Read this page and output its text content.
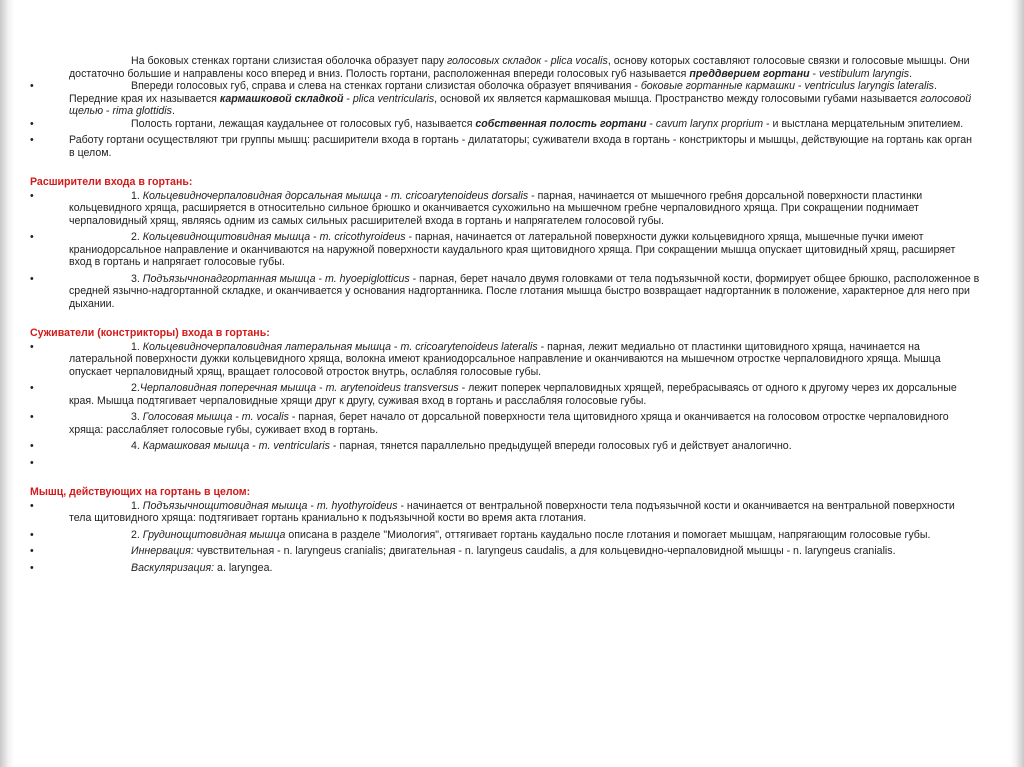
На боковых стенках гортани слизистая оболочка образует пару голосовых складок - plica vocalis, основу которых составляют голосовые связки и голосовые мышцы. Они достаточно большие и направлены косо вперед и вниз. Полость гортани, расположенная впереди голосовых губ называется преддверием гортани - vestibulum laryngis.
•	Впереди голосовых губ, справа и слева на стенках гортани слизистая оболочка образует впячивания - боковые гортанные кармашки - ventriculus laryngis lateralis. Передние края их называется кармашковой складкой - plica ventricularis, основой их является кармашковая мышца. Пространство между голосовыми губами называется голосовой щелью - rima glottidis.
•	Полость гортани, лежащая каудальнее от голосовых губ, называется собственная полость гортани - cavum larynx proprium - и выстлана мерцательным эпителием.
•	Работу гортани осуществляют три группы мышц: расширители входа в гортань - дилататоры; суживатели входа в гортань - констрикторы и мышцы, действующие на гортань как орган в целом.
Расширители входа в гортань:
•	1. Кольцевидночерпаловидная дорсальная мышца - m. cricoarytenoideus dorsalis - парная, начинается от мышечного гребня дорсальной поверхности пластинки кольцевидного хряща, расширяется в относительно сильное брюшко и оканчивается сухожильно на мышечном гребне черпаловидного хряща. При сокращении поднимает черпаловидный хрящ, являясь одним из самых сильных расширителей входа в гортань и напрягателем голосовой губы.
•	2. Кольцевиднощитовидная мышца - m. cricothyroideus - парная, начинается от латеральной поверхности дужки кольцевидного хряща, мышечные пучки имеют краниодорсальное направление и оканчиваются на наружной поверхности каудального края щитовидного хряща. При сокращении мышца опускает щитовидный хрящ, расширяет вход в гортань и напрягает голосовые губы.
•	3. Подъязычнонадгортанная мышца - m. hyoepiglotticus - парная, берет начало двумя головками от тела подъязычной кости, формирует общее брюшко, расположенное в средней язычно-надгортанной складке, и оканчивается у основания надгортанника. После глотания мышца быстро возвращает надгортанник в положение, характерное для него при дыхании.
Суживатели (констрикторы) входа в гортань:
•	1. Кольцевидночерпаловидная латеральная мышца - m. cricoarytenoideus lateralis - парная, лежит медиально от пластинки щитовидного хряща, начинается на латеральной поверхности дужки кольцевидного хряща, волокна имеют краниодорсальное направление и оканчиваются на мышечном отростке черпаловидного хряща. Мышца опускает черпаловидный хрящ, вращает голосовой отросток внутрь, ослабляя голосовые губы.
•	2.Черпаловидная поперечная мышца - m. arytenoideus transversus - лежит поперек черпаловидных хрящей, перебрасываясь от одного к другому через их дорсальные края. Мышца подтягивает черпаловидные хрящи друг к другу, суживая вход в гортань и расслабляя голосовые губы.
•	3. Голосовая мышца - m. vocalis - парная, берет начало от дорсальной поверхности тела щитовидного хряща и оканчивается на голосовом отростке черпаловидного хряща: расслабляет голосовые губы, суживает вход в гортань.
•	4. Кармашковая мышца - m. ventricularis - парная, тянется параллельно предыдущей впереди голосовых губ и действует аналогично.
•
Мышц, действующих на гортань в целом:
•	1. Подъязычнощитовидная мышца - m. hyothyroideus - начинается от вентральной поверхности тела подъязычной кости и оканчивается на вентральной поверхности тела щитовидного хряща: подтягивает гортань краниально к подъязычной кости во время акта глотания.
•	2. Грудинощитовидная мышца описана в разделе "Миология", оттягивает гортань каудально после глотания и помогает мышцам, напрягающим голосовые губы.
•	Иннервация: чувствительная - n. laryngeus cranialis; двигательная - n. laryngeus caudalis, а для кольцевидно-черпаловидной мышцы - n. laryngeus cranialis.
•	Васкуляризация: a. laryngea.
